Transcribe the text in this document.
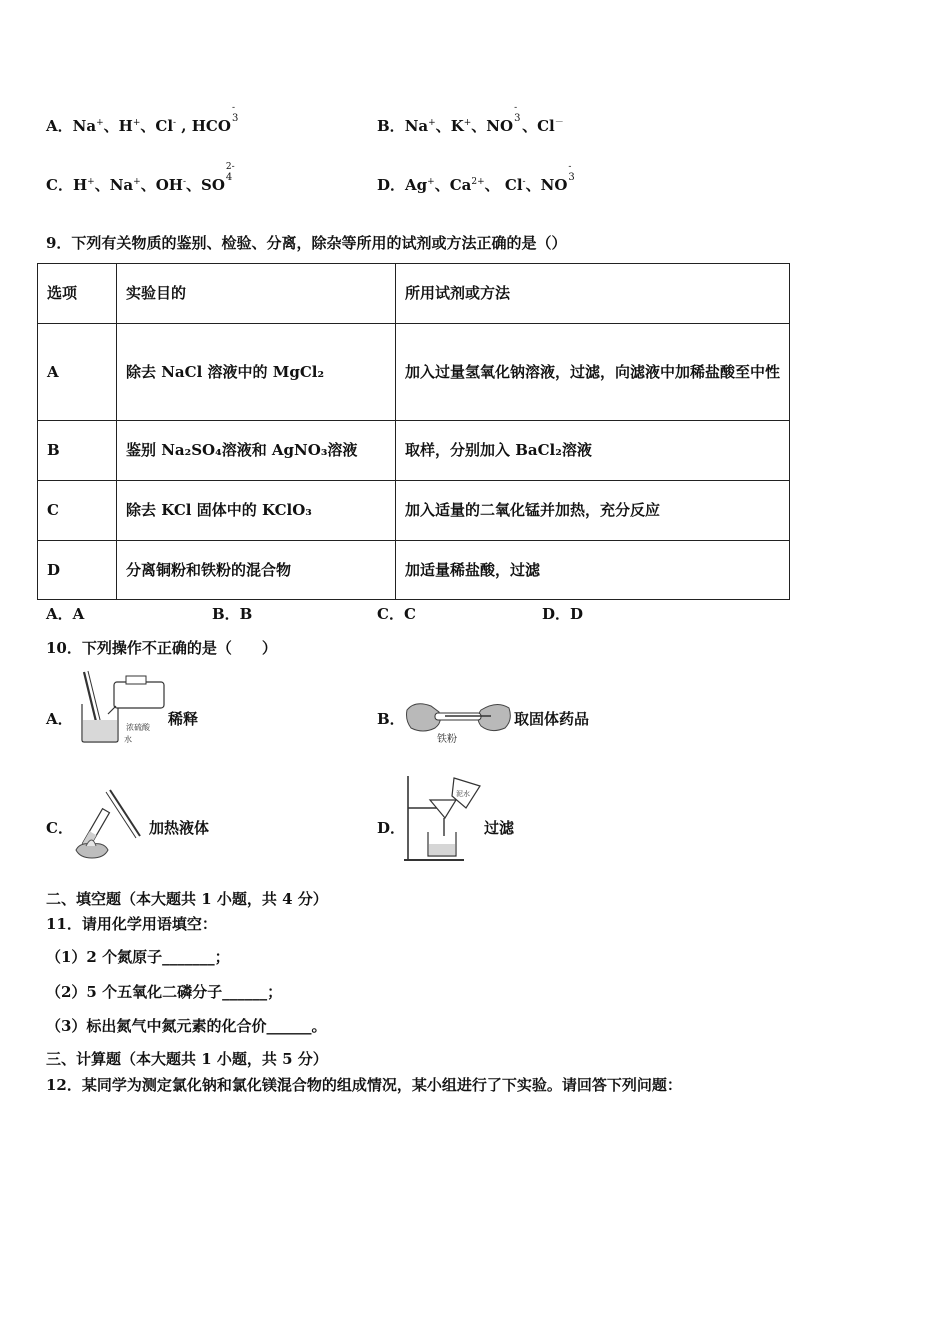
A．Na+、H+、Cl- , HCO
-
3	B．Na+、K+、NO
-
3 、Cl－
C．H+、Na+、OH-、SO
2-
4	D．Ag+、$Ca^{2+}$、 Cl-、NO
-
3
9．下列有关物质的鉴别、检验、分离，除杂等所用的试剂或方法正确的是（）
选项	实验目的	所用试剂或方法
A	除去 NaCl 溶液中的 MgCl₂	加入过量氢氧化钠溶液，过滤，向滤液中加稀盐酸至中性
B	鉴别 Na₂SO₄溶液和 AgNO₃溶液	取样，分别加入 BaCl₂溶液
C	除去 KCl 固体中的 KClO₃	加入适量的二氧化锰并加热，充分反应
D	分离铜粉和铁粉的混合物	加适量稀盐酸，过滤
A．A	B．B	C．C	D．D
10．下列操作不正确的是（　　）
A．	浓硫酸
水
稀释	B．
铁粉
取固体药品
C．	加热液体	D．
泥水
过滤
二、填空题（本大题共 1 小题，共 4 分）
11．请用化学用语填空：
（1）2 个氮原子_______；
（2）5 个五氧化二磷分子______；
（3）标出氮气中氮元素的化合价______。
三、计算题（本大题共 1 小题，共 5 分）
12．某同学为测定氯化钠和氯化镁混合物的组成情况，某小组进行了下实验。请回答下列问题：
